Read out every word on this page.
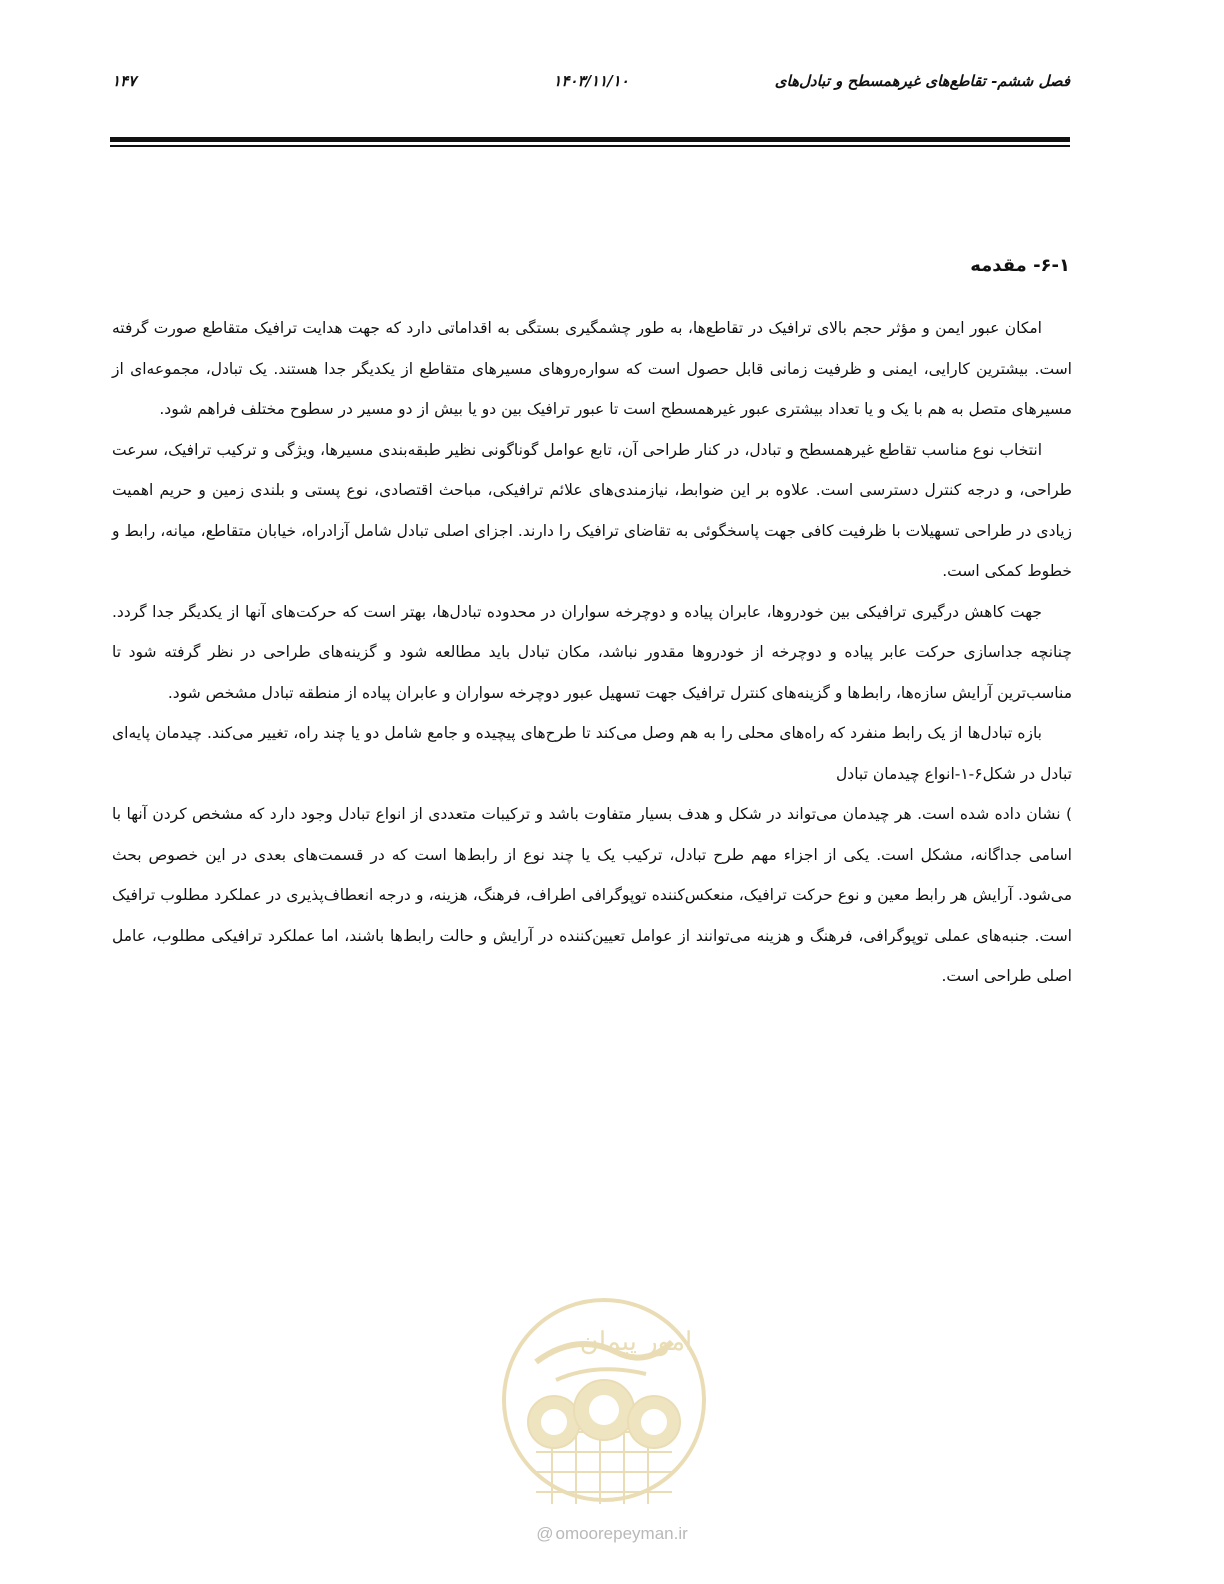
فصل ششم- تقاطع‌های غیرهمسطح و تبادل‌های
۱۴۰۳/۱۱/۱۰
۱۴۷
۶-۱- مقدمه

امکان عبور ایمن و مؤثر حجم بالای ترافیک در تقاطع‌ها، به طور چشمگیری بستگی به اقداماتی دارد که جهت هدایت ترافیک متقاطع صورت گرفته است. بیشترین کارایی، ایمنی و ظرفیت زمانی قابل حصول است که سواره‌روهای مسیرهای متقاطع از یکدیگر جدا هستند. یک تبادل، مجموعه‌ای از مسیرهای متصل به هم با یک و یا تعداد بیشتری عبور غیرهمسطح است تا عبور ترافیک بین دو یا بیش از دو مسیر در سطوح مختلف فراهم شود.

انتخاب نوع مناسب تقاطع غیرهمسطح و تبادل، در کنار طراحی آن، تابع عوامل گوناگونی نظیر طبقه‌بندی مسیرها، ویژگی و ترکیب ترافیک، سرعت طراحی، و درجه کنترل دسترسی است. علاوه بر این ضوابط، نیازمندی‌های علائم ترافیکی، مباحث اقتصادی، نوع پستی و بلندی زمین و حریم اهمیت زیادی در طراحی تسهیلات با ظرفیت کافی جهت پاسخگوئی به تقاضای ترافیک را دارند. اجزای اصلی تبادل شامل آزادراه، خیابان متقاطع، میانه، رابط و خطوط کمکی است.

جهت کاهش درگیری ترافیکی بین خودروها، عابران پیاده و دوچرخه سواران در محدوده تبادل‌ها، بهتر است که حرکت‌های آنها از یکدیگر جدا گردد. چنانچه جداسازی حرکت عابر پیاده و دوچرخه از خودروها مقدور نباشد، مکان تبادل باید مطالعه شود و گزینه‌های طراحی در نظر گرفته شود تا مناسب‌ترین آرایش سازه‌ها، رابط‌ها و گزینه‌های کنترل ترافیک جهت تسهیل عبور دوچرخه سواران و عابران پیاده از منطقه تبادل مشخص شود.

بازه تبادل‌ها از یک رابط منفرد که راه‌های محلی را به هم وصل می‌کند تا طرح‌های پیچیده و جامع شامل دو یا چند راه، تغییر می‌کند. چیدمان پایه‌ای تبادل در شکل۶-۱-انواع چیدمان تبادل

) نشان داده شده است. هر چیدمان می‌تواند در شکل و هدف بسیار متفاوت باشد و ترکیبات متعددی از انواع تبادل وجود دارد که مشخص کردن آنها با اسامی جداگانه، مشکل است. یکی از اجزاء مهم طرح تبادل، ترکیب یک یا چند نوع از رابط‌ها است که در قسمت‌های بعدی در این خصوص بحث می‌شود. آرایش هر رابط معین و نوع حرکت ترافیک، منعکس‌کننده توپوگرافی اطراف، فرهنگ، هزینه، و درجه انعطاف‌پذیری در عملکرد مطلوب ترافیک است. جنبه‌های عملی توپوگرافی، فرهنگ و هزینه می‌توانند از عوامل تعیین‌کننده در آرایش و حالت رابط‌ها باشند، اما عملکرد ترافیکی مطلوب، عامل اصلی طراحی است.

امور پیمان
@ omoorepeyman.ir
